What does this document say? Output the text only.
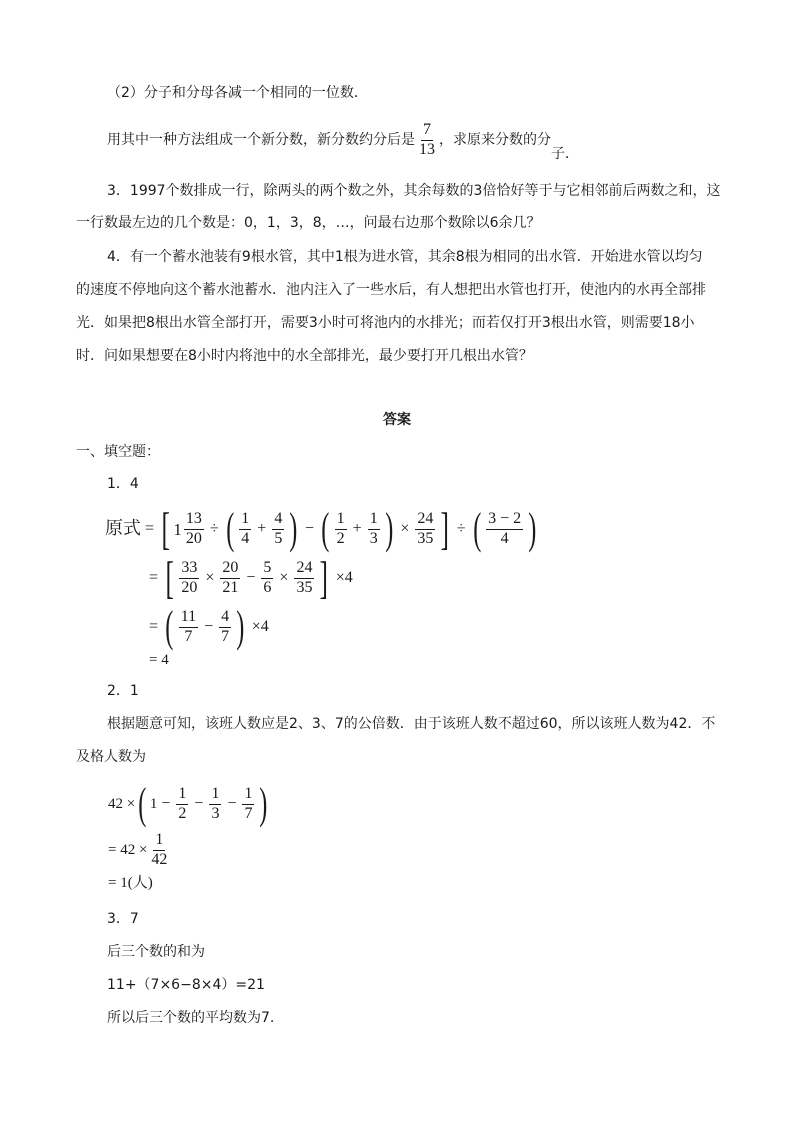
（2）分子和分母各减一个相同的一位数．
用其中一种方法组成一个新分数，新分数约分后是
7
13
，求原来分数的分
子．
3．1997个数排成一行，除两头的两个数之外，其余每数的3倍恰好等于与它相邻前后两数之和，这
一行数最左边的几个数是：0，1，3，8，…，问最右边那个数除以6余几？
4．有一个蓄水池装有9根水管，其中1根为进水管，其余8根为相同的出水管．开始进水管以均匀
的速度不停地向这个蓄水池蓄水．池内注入了一些水后，有人想把出水管也打开，使池内的水再全部排
光．如果把8根出水管全部打开，需要3小时可将池内的水排光；而若仅打开3根出水管，则需要18小
时．问如果想要在8小时内将池中的水全部排光，最少要打开几根出水管？
答案
一、填空题：
1．4
原式 = [ $1 \frac{13}{20}$ ÷ ( 1
4
+ $\frac{4}{5}$ ) − ( 1
2
+ $\frac{1}{3}$ ) × $\frac{24}{35}$ ] ÷ ( 3 − 2
4 )
= [ $\frac{33}{20} \times \frac{20}{21} - \frac{5}{6} \times \frac{24}{35}$ ] ×4
= ( 11
7
− $\frac{4}{7}$ ) ×4
= 4
2．1
根据题意可知，该班人数应是2、3、7的公倍数．由于该班人数不超过60，所以该班人数为42．不
及格人数为
42 × ( $1 - \frac{1}{2} - \frac{1}{3} - \frac{1}{7}$ )
= $42 \times \frac{1}{42}$
= 1(人)
3．7
后三个数的和为
11+（7×6−8×4）=21
所以后三个数的平均数为7.
